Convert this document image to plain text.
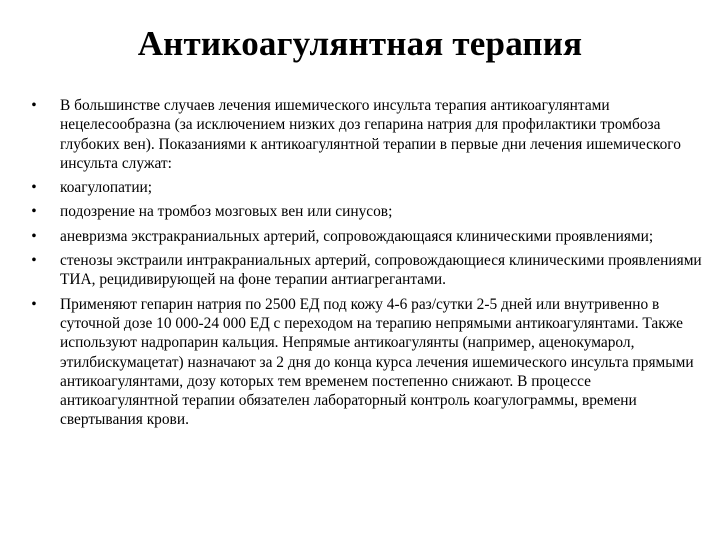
Антикоагулянтная терапия
• В большинстве случаев лечения ишемического инсульта терапия антикоагулянтами нецелесообразна (за исключением низких доз гепарина натрия для профилактики тромбоза глубоких вен). Показаниями к антикоагулянтной терапии в первые дни лечения ишемического инсульта служат:
• коагулопатии;
• подозрение на тромбоз мозговых вен или синусов;
• аневризма экстракраниальных артерий, сопровождающаяся клиническими проявлениями;
• стенозы экстраили интракраниальных артерий, сопровождающиеся клиническими проявлениями ТИА, рецидивирующей на фоне терапии антиагрегантами.
• Применяют гепарин натрия по 2500 ЕД под кожу 4-6 раз/сутки 2-5 дней или внутривенно в суточной дозе 10 000-24 000 ЕД с переходом на терапию непрямыми антикоагулянтами. Также используют надропарин кальция. Непрямые антикоагулянты (например, аценокумарол, этилбискумацетат) назначают за 2 дня до конца курса лечения ишемического инсульта прямыми антикоагулянтами, дозу которых тем временем постепенно снижают. В процессе антикоагулянтной терапии обязателен лабораторный контроль коагулограммы, времени свертывания крови.
